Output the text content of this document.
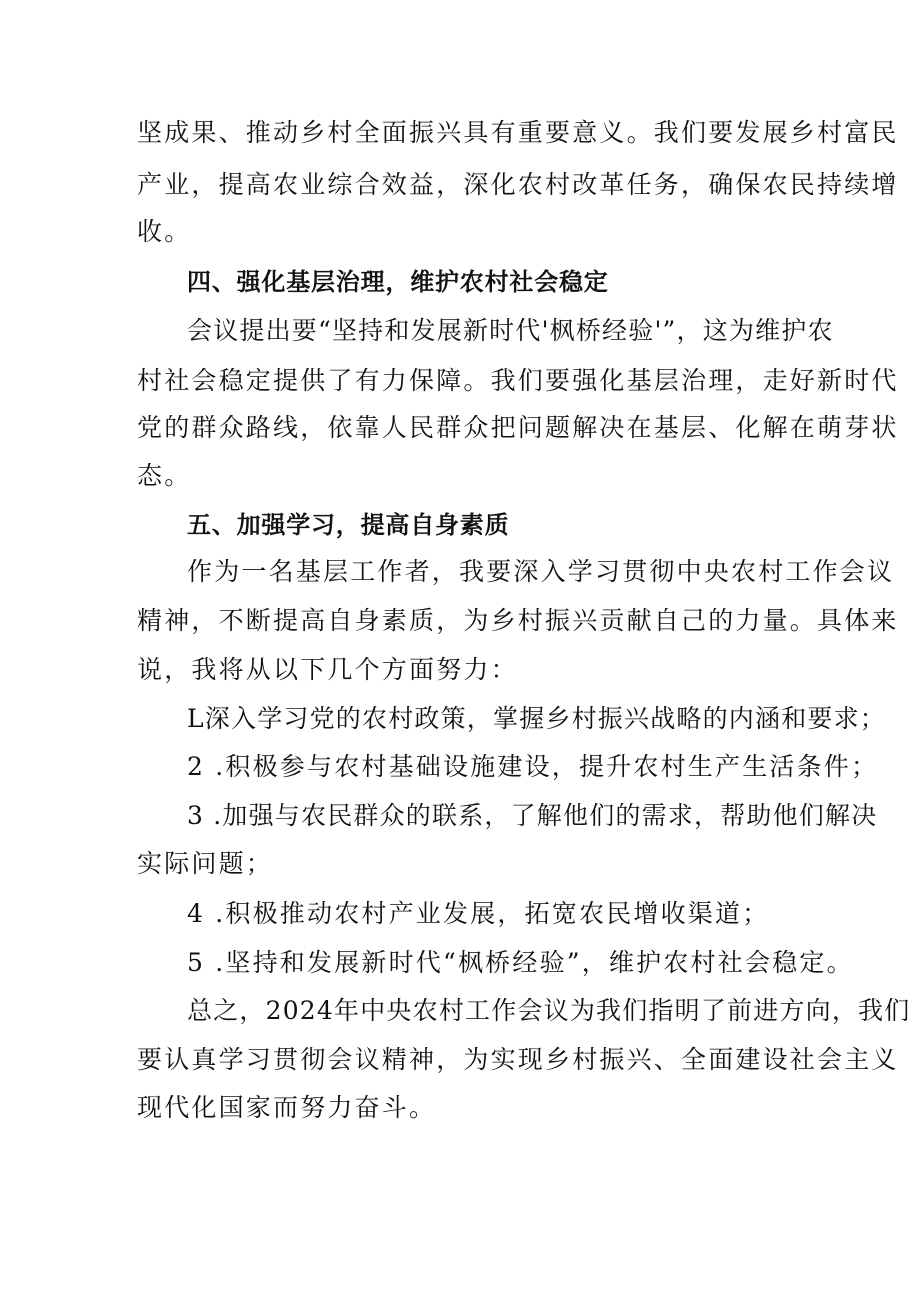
坚成果、推动乡村全面振兴具有重要意义。我们要发展乡村富民
产业，提高农业综合效益，深化农村改革任务，确保农民持续增
收。
四、强化基层治理，维护农村社会稳定
会议提出要“坚持和发展新时代'枫桥经验'”，这为维护农
村社会稳定提供了有力保障。我们要强化基层治理，走好新时代
党的群众路线，依靠人民群众把问题解决在基层、化解在萌芽状
态。
五、加强学习，提高自身素质
作为一名基层工作者，我要深入学习贯彻中央农村工作会议
精神，不断提高自身素质，为乡村振兴贡献自己的力量。具体来
说，我将从以下几个方面努力：
L深入学习党的农村政策，掌握乡村振兴战略的内涵和要求；
2 .积极参与农村基础设施建设，提升农村生产生活条件；
3 .加强与农民群众的联系，了解他们的需求，帮助他们解决
实际问题；
4 .积极推动农村产业发展，拓宽农民增收渠道；
5 .坚持和发展新时代“枫桥经验”，维护农村社会稳定。
总之，2024年中央农村工作会议为我们指明了前进方向，我们
要认真学习贯彻会议精神，为实现乡村振兴、全面建设社会主义
现代化国家而努力奋斗。
